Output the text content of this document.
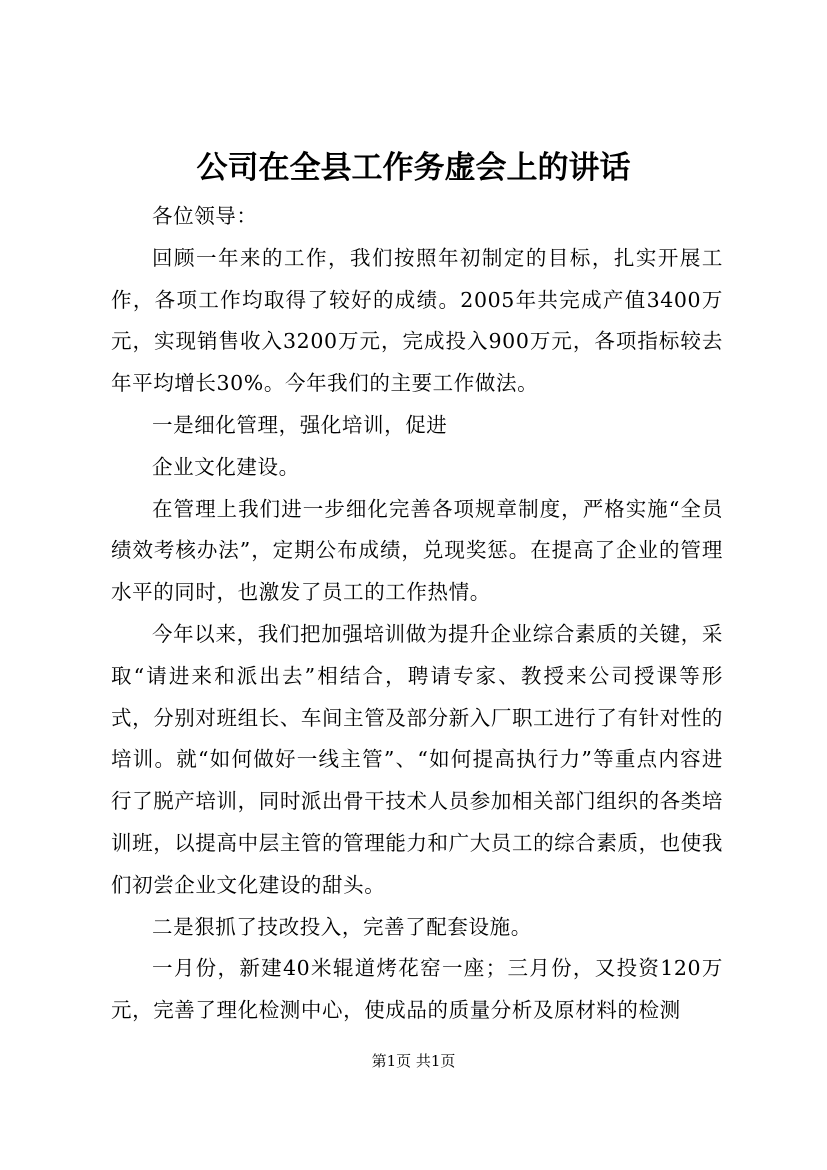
公司在全县工作务虚会上的讲话

各位领导：

回顾一年来的工作，我们按照年初制定的目标，扎实开展工作，各项工作均取得了较好的成绩。2005年共完成产值3400万元，实现销售收入3200万元，完成投入900万元，各项指标较去年平均增长30%。今年我们的主要工作做法。

一是细化管理，强化培训，促进

企业文化建设。

在管理上我们进一步细化完善各项规章制度，严格实施“全员绩效考核办法”，定期公布成绩，兑现奖惩。在提高了企业的管理水平的同时，也激发了员工的工作热情。

今年以来，我们把加强培训做为提升企业综合素质的关键，采取“请进来和派出去”相结合，聘请专家、教授来公司授课等形式，分别对班组长、车间主管及部分新入厂职工进行了有针对性的培训。就“如何做好一线主管”、“如何提高执行力”等重点内容进行了脱产培训，同时派出骨干技术人员参加相关部门组织的各类培训班，以提高中层主管的管理能力和广大员工的综合素质，也使我们初尝企业文化建设的甜头。

二是狠抓了技改投入，完善了配套设施。

一月份，新建40米辊道烤花窑一座；三月份，又投资120万元，完善了理化检测中心，使成品的质量分析及原材料的检测

第1页 共1页
